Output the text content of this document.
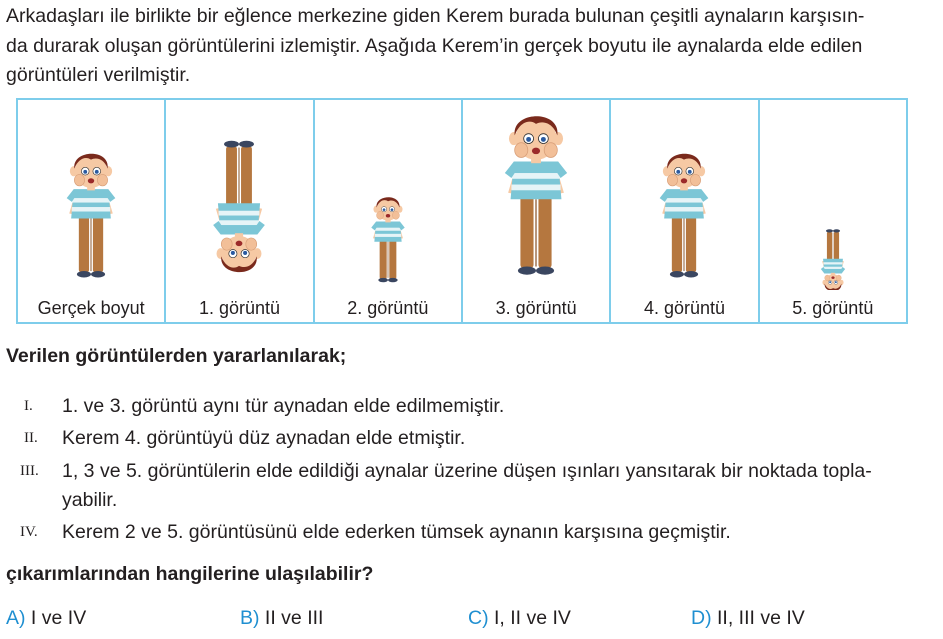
Arkadaşları ile birlikte bir eğlence merkezine giden Kerem burada bulunan çeşitli aynaların karşısın-
da durarak oluşan görüntülerini izlemiştir. Aşağıda Kerem’in gerçek boyutu ile aynalarda elde edilen
görüntüleri verilmiştir.
Gerçek boyut	1. görüntü	2. görüntü	3. görüntü	4. görüntü	5. görüntü
Verilen görüntülerden yararlanılarak;
I. 1. ve 3. görüntü aynı tür aynadan elde edilmemiştir.
II. Kerem 4. görüntüyü düz aynadan elde etmiştir.
III. 1, 3 ve 5. görüntülerin elde edildiği aynalar üzerine düşen ışınları yansıtarak bir noktada topla-
yabilir.
IV. Kerem 2 ve 5. görüntüsünü elde ederken tümsek aynanın karşısına geçmiştir.
çıkarımlarından hangilerine ulaşılabilir?
A) I ve IV	B) II ve III	C) I, II ve IV	D) II, III ve IV
